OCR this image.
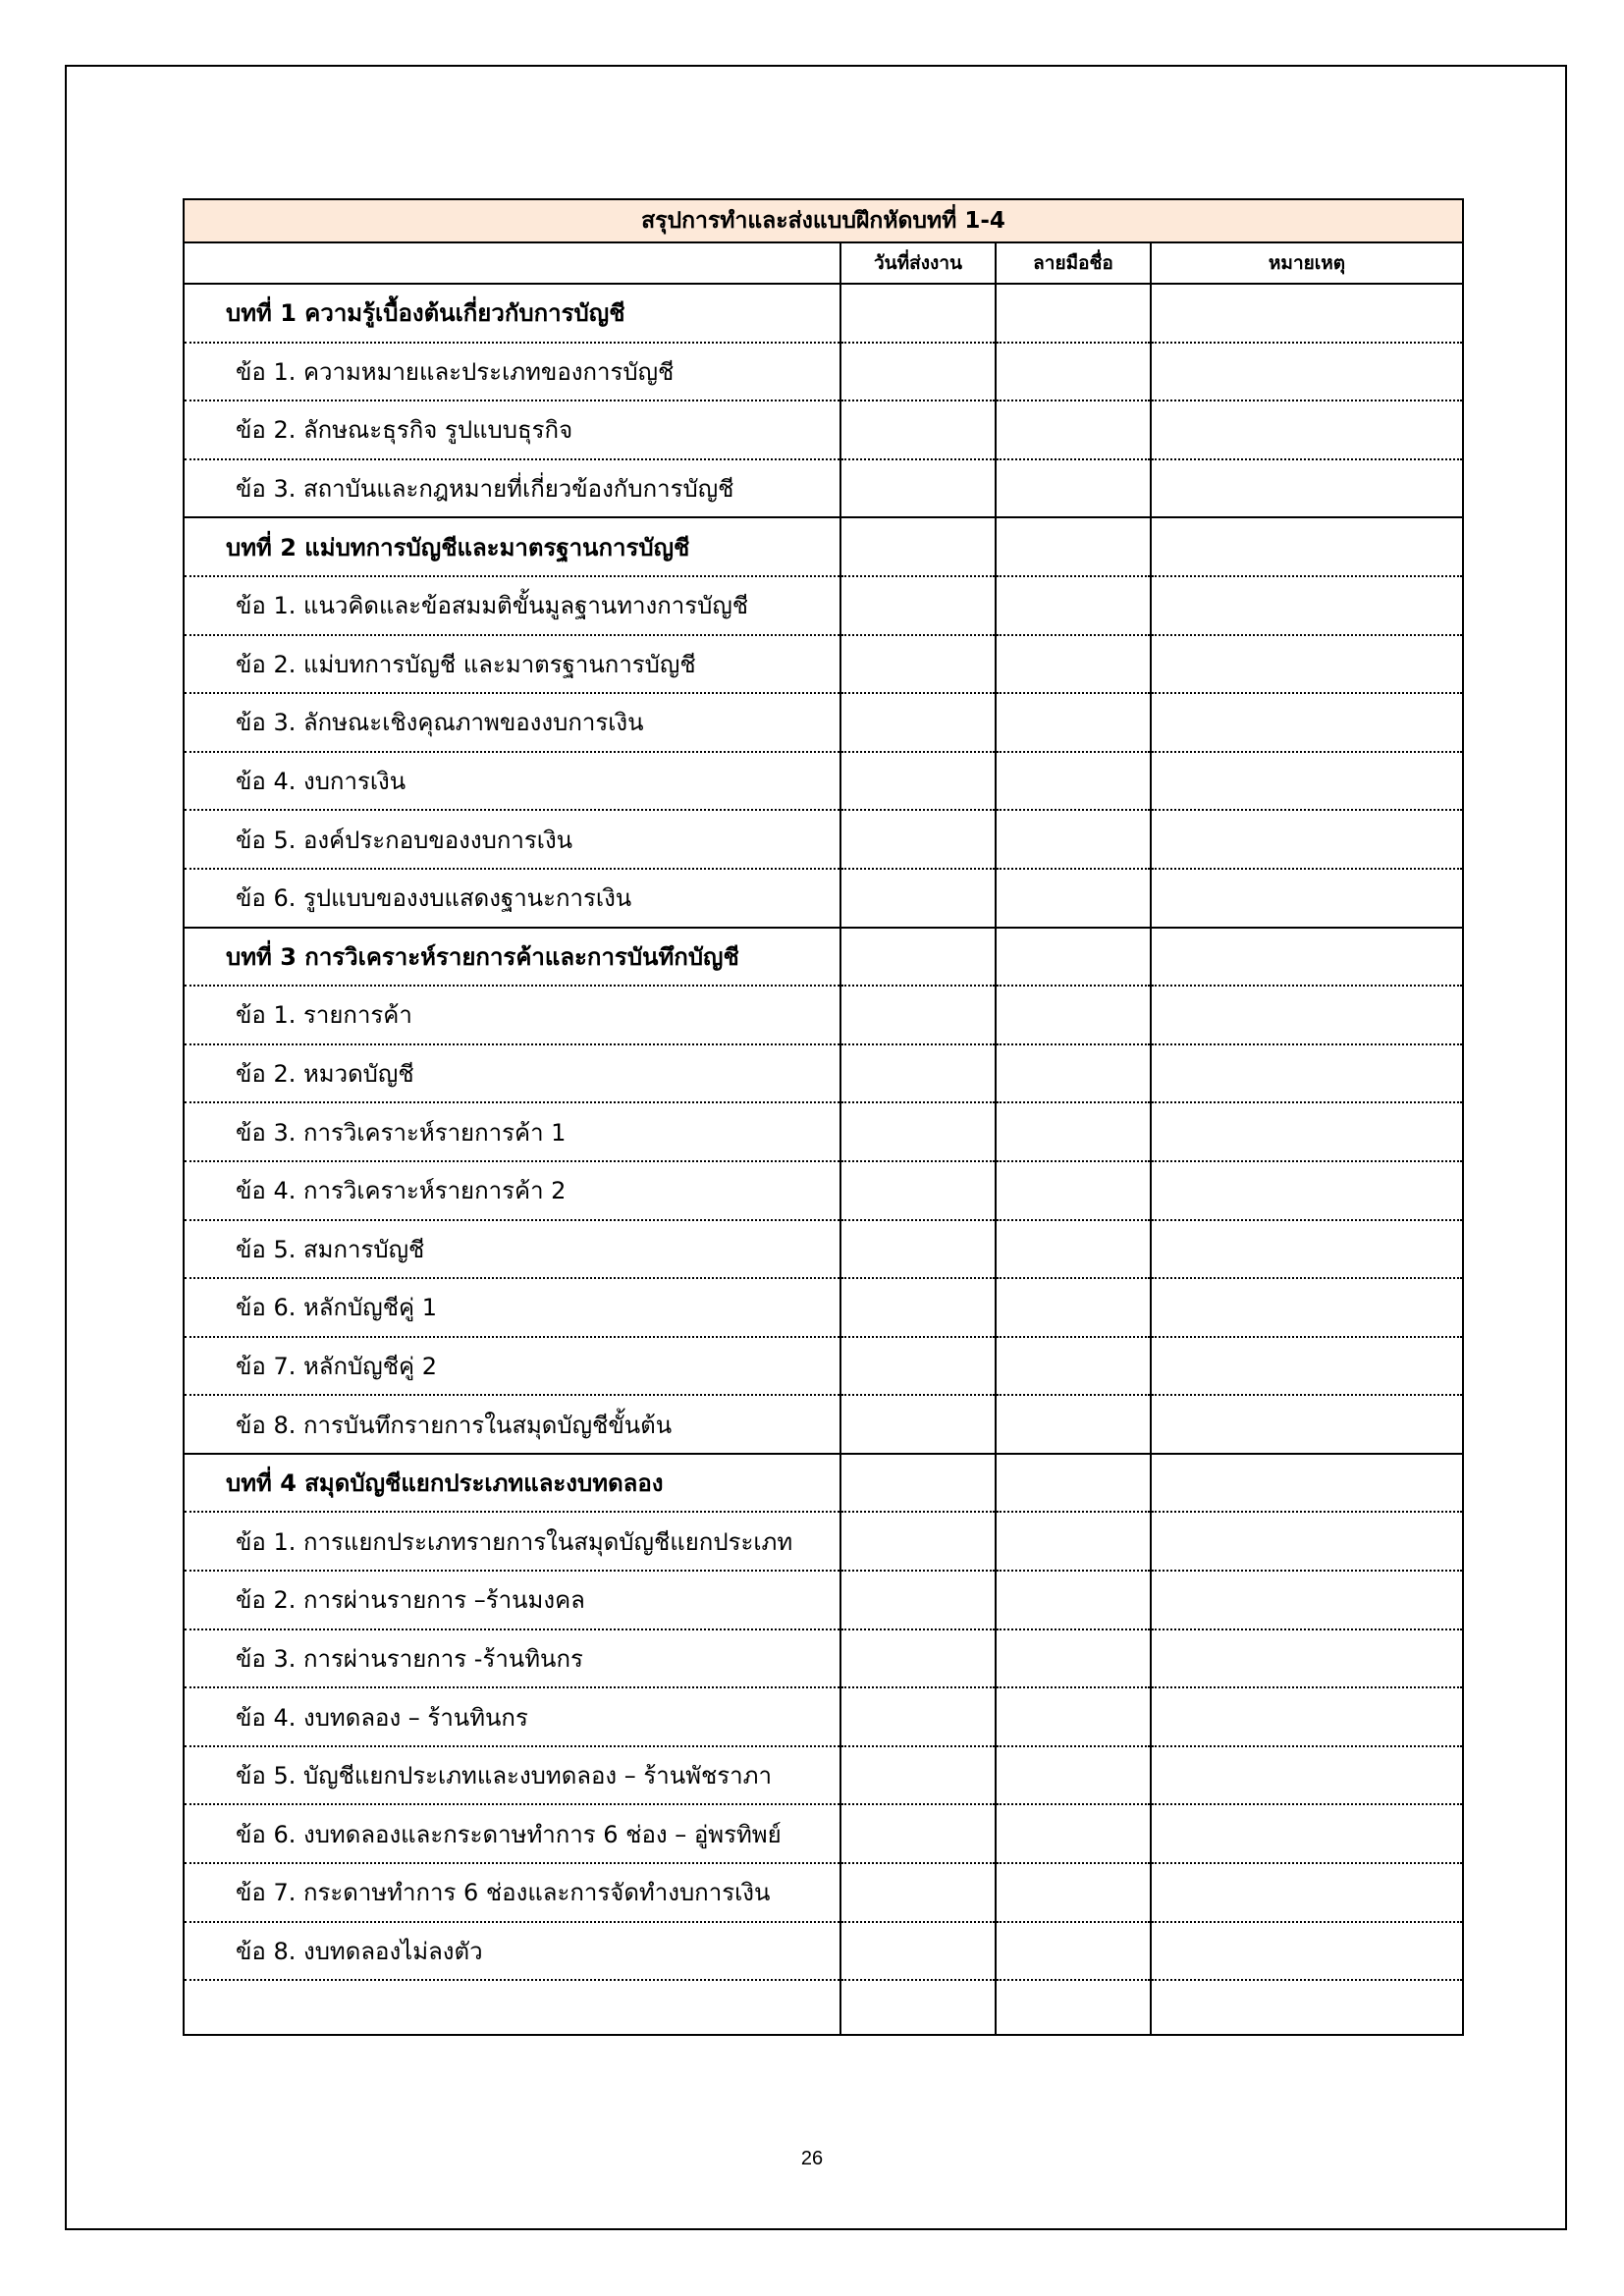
สรุปการทำและส่งแบบฝึกหัดบทที่ 1-4			
	วันที่ส่งงาน	ลายมือชื่อ	หมายเหตุ
บทที่ 1 ความรู้เบื้องต้นเกี่ยวกับการบัญชี			
ข้อ 1. ความหมายและประเภทของการบัญชี			
ข้อ 2. ลักษณะธุรกิจ รูปแบบธุรกิจ			
ข้อ 3. สถาบันและกฎหมายที่เกี่ยวข้องกับการบัญชี			
บทที่ 2 แม่บทการบัญชีและมาตรฐานการบัญชี			
ข้อ 1. แนวคิดและข้อสมมติขั้นมูลฐานทางการบัญชี			
ข้อ 2. แม่บทการบัญชี และมาตรฐานการบัญชี			
ข้อ 3. ลักษณะเชิงคุณภาพของงบการเงิน			
ข้อ 4. งบการเงิน			
ข้อ 5. องค์ประกอบของงบการเงิน			
ข้อ 6. รูปแบบของงบแสดงฐานะการเงิน			
บทที่ 3 การวิเคราะห์รายการค้าและการบันทึกบัญชี			
ข้อ 1. รายการค้า			
ข้อ 2. หมวดบัญชี			
ข้อ 3. การวิเคราะห์รายการค้า 1			
ข้อ 4. การวิเคราะห์รายการค้า 2			
ข้อ 5. สมการบัญชี			
ข้อ 6. หลักบัญชีคู่ 1			
ข้อ 7. หลักบัญชีคู่ 2			
ข้อ 8. การบันทึกรายการในสมุดบัญชีขั้นต้น			
บทที่ 4 สมุดบัญชีแยกประเภทและงบทดลอง			
ข้อ 1. การแยกประเภทรายการในสมุดบัญชีแยกประเภท			
ข้อ 2. การผ่านรายการ –ร้านมงคล			
ข้อ 3. การผ่านรายการ -ร้านทินกร			
ข้อ 4. งบทดลอง – ร้านทินกร			
ข้อ 5. บัญชีแยกประเภทและงบทดลอง – ร้านพัชราภา			
ข้อ 6. งบทดลองและกระดาษทำการ 6 ช่อง – อู่พรทิพย์			
ข้อ 7. กระดาษทำการ 6 ช่องและการจัดทำงบการเงิน			
ข้อ 8. งบทดลองไม่ลงตัว			

26
